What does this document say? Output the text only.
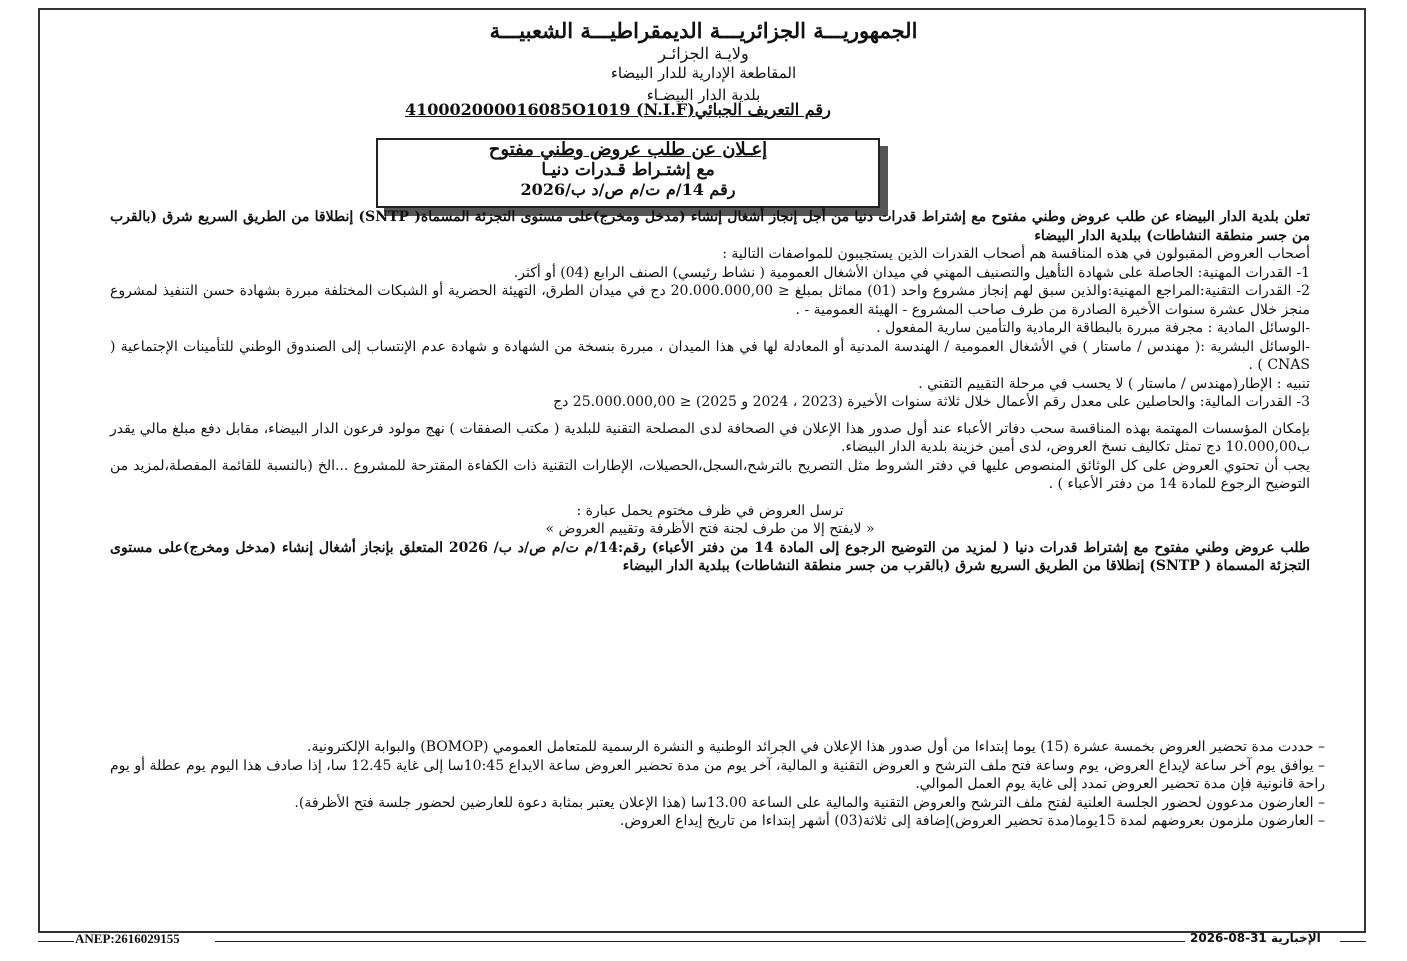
الجمهوريـــة الجزائريـــة الديمقراطيـــة الشعبيـــة
ولايـة الجزائـر
المقاطعة الإدارية للدار البيضاء
بلدية الدار البيضـاء
رقم التعريف الجبائي(N.I.F) 410002000016085O1019
إعـلان عن طلب عروض وطني مفتوح
مع إشتـراط قـدرات دنيـا
رقم 14/م ت/م ص/د ب/2026

تعلن بلدية الدار البيضاء عن طلب عروض وطني مفتوح مع إشتراط قدرات دنيا من أجل إنجاز أشغال إنشاء (مدخل ومخرج)على مستوى التجزئة المسماة( SNTP) إنطلاقا من الطريق السريع شرق (بالقرب من جسر منطقة النشاطات) ببلدية الدار البيضاء

أصحاب العروض المقبولون في هذه المناقسة هم أصحاب القدرات الذين يستجيبون للمواصفات التالية :

1- القدرات المهنية: الحاصلة على شهادة التأهيل والتصنيف المهني في ميدان الأشغال العمومية ( نشاط رئيسي) الصنف الرابع (04) أو أكثر.

2- القدرات التقنية:المراجع المهنية:والذين سبق لهم إنجاز مشروع واحد (01) مماثل بمبلغ ≤ 20.000.000,00 دج في ميدان الطرق، التهيئة الحضرية أو الشبكات المختلفة مبررة بشهادة حسن التنفيذ لمشروع منجز خلال عشرة سنوات الأخيرة الصادرة من طرف صاحب المشروع - الهيئة العمومية - .

-الوسائل المادية : مجرفة مبررة بالبطاقة الرمادية والتأمين سارية المفعول .

-الوسائل البشرية :( مهندس / ماستار ) في الأشغال العمومية / الهندسة المدنية أو المعادلة لها في هذا الميدان ، مبررة بنسخة من الشهادة و شهادة عدم الإنتساب إلى الصندوق الوطني للتأمينات الإجتماعية ( CNAS ) .

تنبيه : الإطار(مهندس / ماستار ) لا يحسب في مرحلة التقييم التقني .

3- القدرات المالية: والحاصلين على معدل رقم الأعمال خلال ثلاثة سنوات الأخيرة (2023 ، 2024 و 2025) ≤ 25.000.000,00 دج

بإمكان المؤسسات المهتمة بهذه المناقسة سحب دفاتر الأعباء عند أول صدور هذا الإعلان في الصحافة لدى المصلحة التقنية للبلدية ( مكتب الصفقات ) نهج مولود فرعون الدار البيضاء، مقابل دفع مبلغ مالي يقدر ب10.000,00 دج تمثل تكاليف نسخ العروض، لدى أمين خزينة بلدية الدار البيضاء.

يجب أن تحتوي العروض على كل الوثائق المنصوص عليها في دفتر الشروط مثل التصريح بالترشح،السجل،الحصيلات، الإطارات التقنية ذات الكفاءة المقترحة للمشروع ...الخ (بالنسبة للقائمة المفصلة،لمزيد من التوضيح الرجوع للمادة 14 من دفتر الأعباء ) .

ترسل العروض في ظرف مختوم يحمل عبارة :

« لايفتح إلا من طرف لجنة فتح الأظرفة وتقييم العروض »

طلب عروض وطني مفتوح مع إشتراط قدرات دنيا ( لمزيد من التوضيح الرجوع إلى المادة 14 من دفتر الأعباء) رقم:14/م ت/م ص/د ب/ 2026 المتعلق بإنجاز أشغال إنشاء (مدخل ومخرج)على مستوى التجزئة المسماة ( SNTP) إنطلاقا من الطريق السريع شرق (بالقرب من جسر منطقة النشاطات) ببلدية الدار البيضاء

– حددت مدة تحضير العروض بخمسة عشرة (15) يوما إبتداءا من أول صدور هذا الإعلان في الجرائد الوطنية و النشرة الرسمية للمتعامل العمومي (BOMOP) والبوابة الإلكترونية.

– يوافق يوم آخر ساعة لإيداع العروض، يوم وساعة فتح ملف الترشح و العروض التقنية و المالية، آخر يوم من مدة تحضير العروض ساعة الايداع 10:45سا إلى غاية 12.45 سا، إذا صادف هذا اليوم يوم عطلة أو يوم راحة قانونية فإن مدة تحضير العروض تمدد إلى غاية يوم العمل الموالي.

– العارضون مدعوون لحضور الجلسة العلنية لفتح ملف الترشح والعروض التقنية والمالية على الساعة 13.00سا (هذا الإعلان يعتبر بمثابة دعوة للعارضين لحضور جلسة فتح الأظرفة).

– العارضون ملزمون بعروضهم لمدة 15يوما(مدة تحضير العروض)إضافة إلى ثلاثة(03) أشهر إبتداءا من تاريخ إيداع العروض.

ANEP:2616029155	الإخبارية 31-08-2026
